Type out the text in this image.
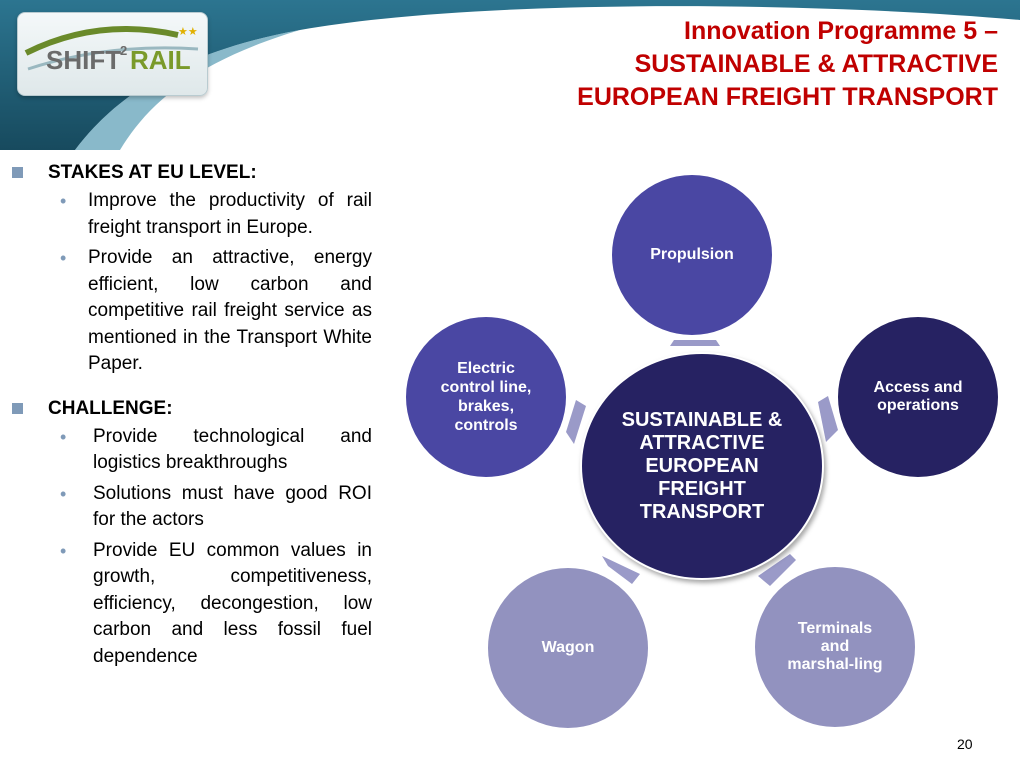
SHIFT
2 RAIL
★★	Innovation Programme 5 –
SUSTAINABLE & ATTRACTIVE
EUROPEAN FREIGHT TRANSPORT
STAKES AT EU LEVEL:
• Improve the productivity of rail freight transport in Europe.
• Provide an attractive, energy efficient, low carbon and competitive rail freight service as mentioned in the Transport White Paper.
CHALLENGE:
• Provide technological and logistics breakthroughs
• Solutions must have good ROI for the actors
• Provide EU common values in growth, competitiveness, efficiency, decongestion, low carbon and less fossil fuel dependence
Propulsion
Access and operations
Terminals and marshal-ling
Wagon
Electric control line, brakes, controls	SUSTAINABLE & ATTRACTIVE EUROPEAN FREIGHT TRANSPORT
20
